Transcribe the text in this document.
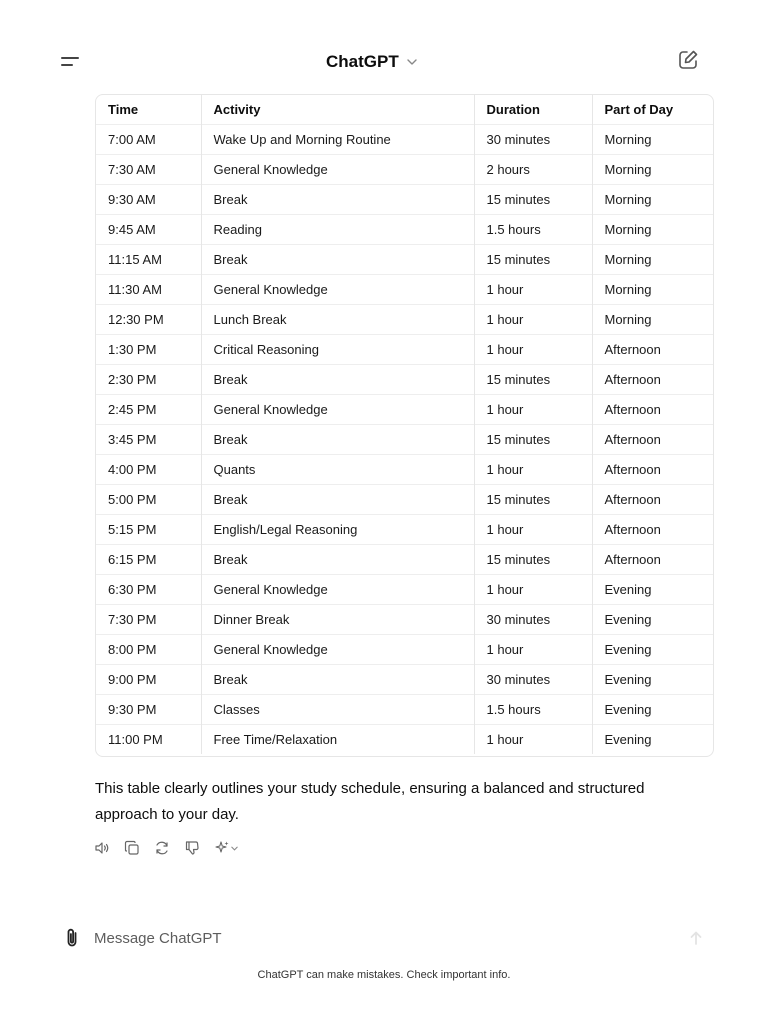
ChatGPT
Time	Activity	Duration	Part of Day
7:00 AM	Wake Up and Morning Routine	30 minutes	Morning
7:30 AM	General Knowledge	2 hours	Morning
9:30 AM	Break	15 minutes	Morning
9:45 AM	Reading	1.5 hours	Morning
11:15 AM	Break	15 minutes	Morning
11:30 AM	General Knowledge	1 hour	Morning
12:30 PM	Lunch Break	1 hour	Morning
1:30 PM	Critical Reasoning	1 hour	Afternoon
2:30 PM	Break	15 minutes	Afternoon
2:45 PM	General Knowledge	1 hour	Afternoon
3:45 PM	Break	15 minutes	Afternoon
4:00 PM	Quants	1 hour	Afternoon
5:00 PM	Break	15 minutes	Afternoon
5:15 PM	English/Legal Reasoning	1 hour	Afternoon
6:15 PM	Break	15 minutes	Afternoon
6:30 PM	General Knowledge	1 hour	Evening
7:30 PM	Dinner Break	30 minutes	Evening
8:00 PM	General Knowledge	1 hour	Evening
9:00 PM	Break	30 minutes	Evening
9:30 PM	Classes	1.5 hours	Evening
11:00 PM	Free Time/Relaxation	1 hour	Evening

This table clearly outlines your study schedule, ensuring a balanced and structured approach to your day.

Message ChatGPT
ChatGPT can make mistakes. Check important info.
